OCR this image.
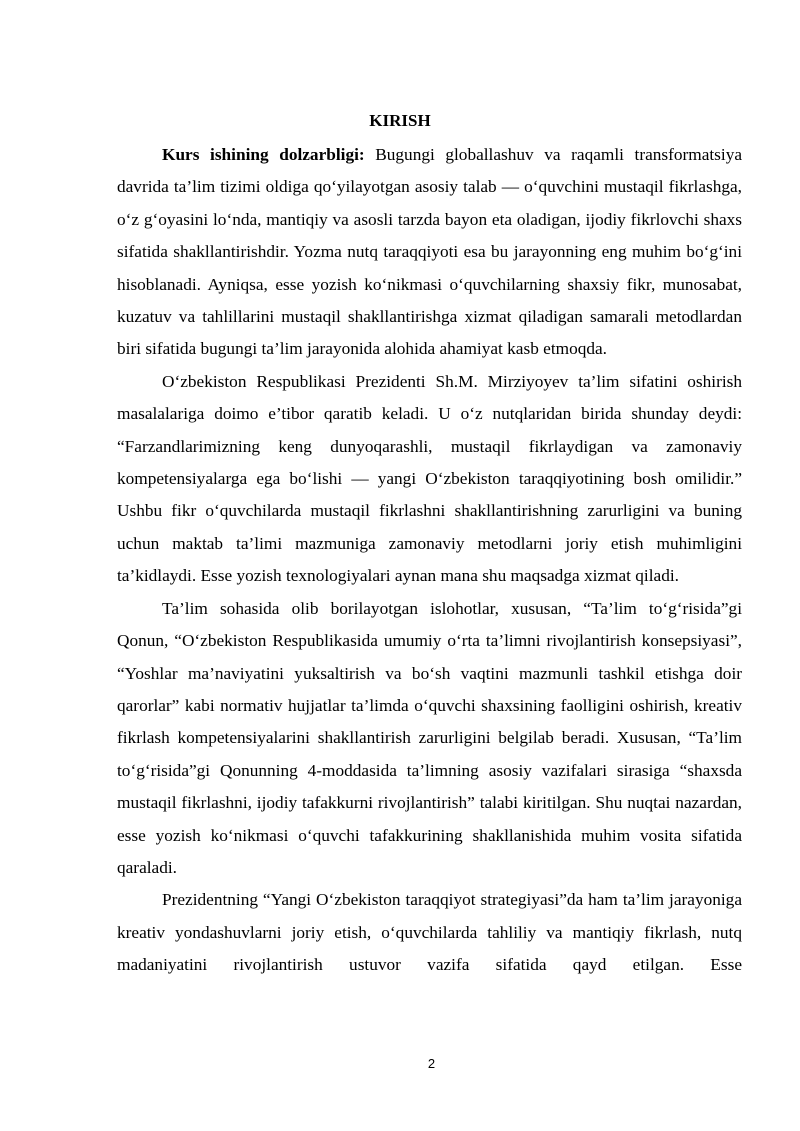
KIRISH

Kurs ishining dolzarbligi: Bugungi globallashuv va raqamli transformatsiya davrida ta’lim tizimi oldiga qo‘yilayotgan asosiy talab — o‘quvchini mustaqil fikrlashga, o‘z g‘oyasini lo‘nda, mantiqiy va asosli tarzda bayon eta oladigan, ijodiy fikrlovchi shaxs sifatida shakllantirishdir. Yozma nutq taraqqiyoti esa bu jarayonning eng muhim bo‘g‘ini hisoblanadi. Ayniqsa, esse yozish ko‘nikmasi o‘quvchilarning shaxsiy fikr, munosabat, kuzatuv va tahlillarini mustaqil shakllantirishga xizmat qiladigan samarali metodlardan biri sifatida bugungi ta’lim jarayonida alohida ahamiyat kasb etmoqda.

O‘zbekiston Respublikasi Prezidenti Sh.M. Mirziyoyev ta’lim sifatini oshirish masalalariga doimo e’tibor qaratib keladi. U o‘z nutqlaridan birida shunday deydi: “Farzandlarimizning keng dunyoqarashli, mustaqil fikrlaydigan va zamonaviy kompetensiyalarga ega bo‘lishi — yangi O‘zbekiston taraqqiyotining bosh omilidir.” Ushbu fikr o‘quvchilarda mustaqil fikrlashni shakllantirishning zarurligini va buning uchun maktab ta’limi mazmuniga zamonaviy metodlarni joriy etish muhimligini ta’kidlaydi. Esse yozish texnologiyalari aynan mana shu maqsadga xizmat qiladi.

Ta’lim sohasida olib borilayotgan islohotlar, xususan, “Ta’lim to‘g‘risida”gi Qonun, “O‘zbekiston Respublikasida umumiy o‘rta ta’limni rivojlantirish konsepsiyasi”, “Yoshlar ma’naviyatini yuksaltirish va bo‘sh vaqtini mazmunli tashkil etishga doir qarorlar” kabi normativ hujjatlar ta’limda o‘quvchi shaxsining faolligini oshirish, kreativ fikrlash kompetensiyalarini shakllantirish zarurligini belgilab beradi. Xususan, “Ta’lim to‘g‘risida”gi Qonunning 4-moddasida ta’limning asosiy vazifalari sirasiga “shaxsda mustaqil fikrlashni, ijodiy tafakkurni rivojlantirish” talabi kiritilgan. Shu nuqtai nazardan, esse yozish ko‘nikmasi o‘quvchi tafakkurining shakllanishida muhim vosita sifatida qaraladi.

Prezidentning “Yangi O‘zbekiston taraqqiyot strategiyasi”da ham ta’lim jarayoniga kreativ yondashuvlarni joriy etish, o‘quvchilarda tahliliy va mantiqiy fikrlash, nutq madaniyatini rivojlantirish ustuvor vazifa sifatida qayd etilgan. Esse

2
